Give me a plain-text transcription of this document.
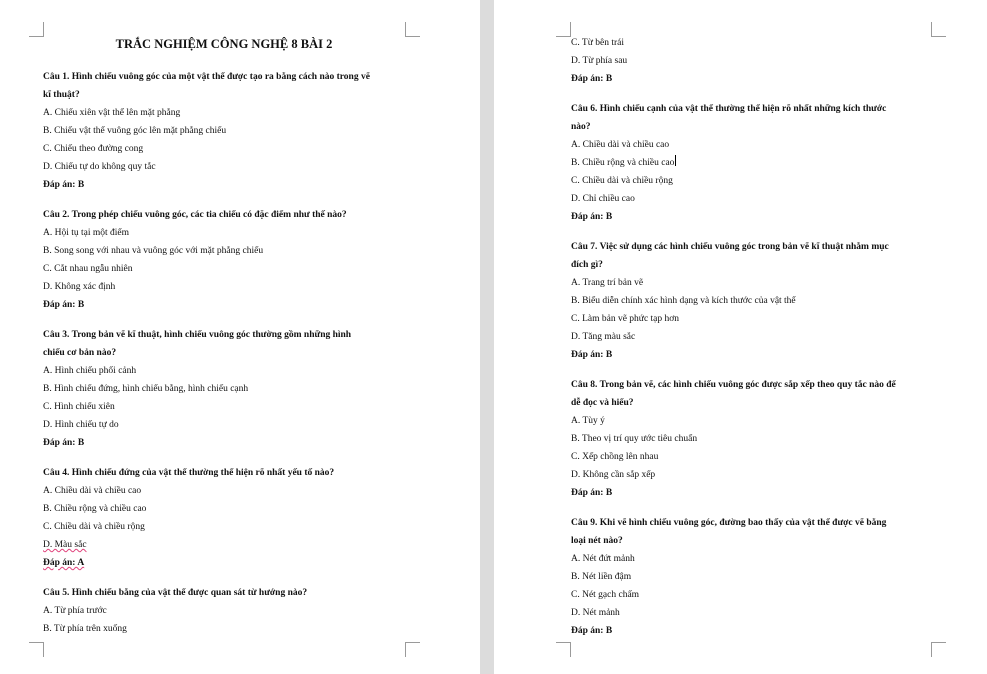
TRẮC NGHIỆM CÔNG NGHỆ 8 BÀI 2
Câu 1. Hình chiếu vuông góc của một vật thể được tạo ra bằng cách nào trong vẽ
kĩ thuật?
A. Chiếu xiên vật thể lên mặt phẳng
B. Chiếu vật thể vuông góc lên mặt phẳng chiếu
C. Chiếu theo đường cong
D. Chiếu tự do không quy tắc
Đáp án: B
Câu 2. Trong phép chiếu vuông góc, các tia chiếu có đặc điểm như thế nào?
A. Hội tụ tại một điểm
B. Song song với nhau và vuông góc với mặt phẳng chiếu
C. Cắt nhau ngẫu nhiên
D. Không xác định
Đáp án: B
Câu 3. Trong bản vẽ kĩ thuật, hình chiếu vuông góc thường gồm những hình
chiếu cơ bản nào?
A. Hình chiếu phối cảnh
B. Hình chiếu đứng, hình chiếu bằng, hình chiếu cạnh
C. Hình chiếu xiên
D. Hình chiếu tự do
Đáp án: B
Câu 4. Hình chiếu đứng của vật thể thường thể hiện rõ nhất yếu tố nào?
A. Chiều dài và chiều cao
B. Chiều rộng và chiều cao
C. Chiều dài và chiều rộng
D. Màu sắc
Đáp án: A
Câu 5. Hình chiếu bằng của vật thể được quan sát từ hướng nào?
A. Từ phía trước
B. Từ phía trên xuống
C. Từ bên trái
D. Từ phía sau
Đáp án: B
Câu 6. Hình chiếu cạnh của vật thể thường thể hiện rõ nhất những kích thước
nào?
A. Chiều dài và chiều cao
B. Chiều rộng và chiều cao
C. Chiều dài và chiều rộng
D. Chỉ chiều cao
Đáp án: B
Câu 7. Việc sử dụng các hình chiếu vuông góc trong bản vẽ kĩ thuật nhằm mục
đích gì?
A. Trang trí bản vẽ
B. Biểu diễn chính xác hình dạng và kích thước của vật thể
C. Làm bản vẽ phức tạp hơn
D. Tăng màu sắc
Đáp án: B
Câu 8. Trong bản vẽ, các hình chiếu vuông góc được sắp xếp theo quy tắc nào để
dễ đọc và hiểu?
A. Tùy ý
B. Theo vị trí quy ước tiêu chuẩn
C. Xếp chồng lên nhau
D. Không cần sắp xếp
Đáp án: B
Câu 9. Khi vẽ hình chiếu vuông góc, đường bao thấy của vật thể được vẽ bằng
loại nét nào?
A. Nét đứt mảnh
B. Nét liền đậm
C. Nét gạch chấm
D. Nét mảnh
Đáp án: B
